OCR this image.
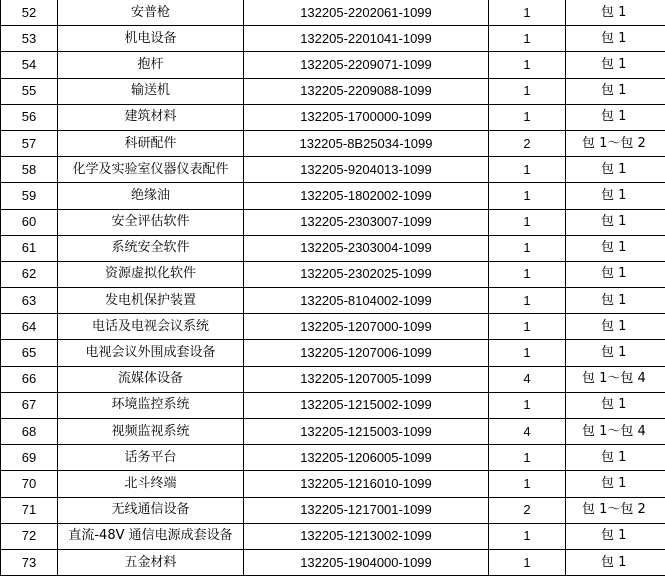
52	安普枪	132205-2202061-1099	1	包 1
53	机电设备	132205-2201041-1099	1	包 1
54	抱杆	132205-2209071-1099	1	包 1
55	输送机	132205-2209088-1099	1	包 1
56	建筑材料	132205-1700000-1099	1	包 1
57	科研配件	132205-8B25034-1099	2	包 1～包 2
58	化学及实验室仪器仪表配件	132205-9204013-1099	1	包 1
59	绝缘油	132205-1802002-1099	1	包 1
60	安全评估软件	132205-2303007-1099	1	包 1
61	系统安全软件	132205-2303004-1099	1	包 1
62	资源虚拟化软件	132205-2302025-1099	1	包 1
63	发电机保护装置	132205-8104002-1099	1	包 1
64	电话及电视会议系统	132205-1207000-1099	1	包 1
65	电视会议外围成套设备	132205-1207006-1099	1	包 1
66	流媒体设备	132205-1207005-1099	4	包 1～包 4
67	环境监控系统	132205-1215002-1099	1	包 1
68	视频监视系统	132205-1215003-1099	4	包 1～包 4
69	话务平台	132205-1206005-1099	1	包 1
70	北斗终端	132205-1216010-1099	1	包 1
71	无线通信设备	132205-1217001-1099	2	包 1～包 2
72	直流-48V 通信电源成套设备	132205-1213002-1099	1	包 1
73	五金材料	132205-1904000-1099	1	包 1
